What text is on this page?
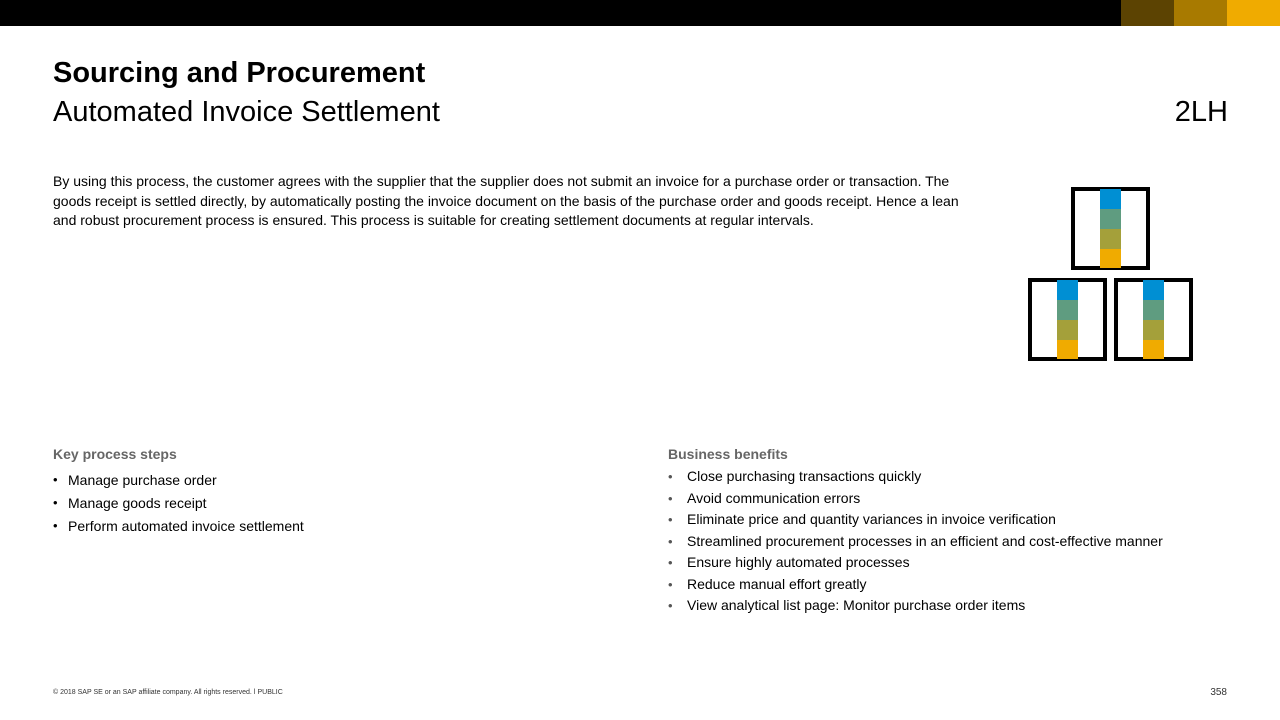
Sourcing and Procurement
Automated Invoice Settlement	2LH

By using this process, the customer agrees with the supplier that the supplier does not submit an invoice for a purchase order or transaction. The goods receipt is settled directly, by automatically posting the invoice document on the basis of the purchase order and goods receipt. Hence a lean and robust procurement process is ensured. This process is suitable for creating settlement documents at regular intervals.

Key process steps
• Manage purchase order
• Manage goods receipt
• Perform automated invoice settlement
Business benefits
• Close purchasing transactions quickly
• Avoid communication errors
• Eliminate price and quantity variances in invoice verification
• Streamlined procurement processes in an efficient and cost-effective manner
• Ensure highly automated processes
• Reduce manual effort greatly
• View analytical list page: Monitor purchase order items
© 2018 SAP SE or an SAP affiliate company. All rights reserved. ǀ PUBLIC	358
